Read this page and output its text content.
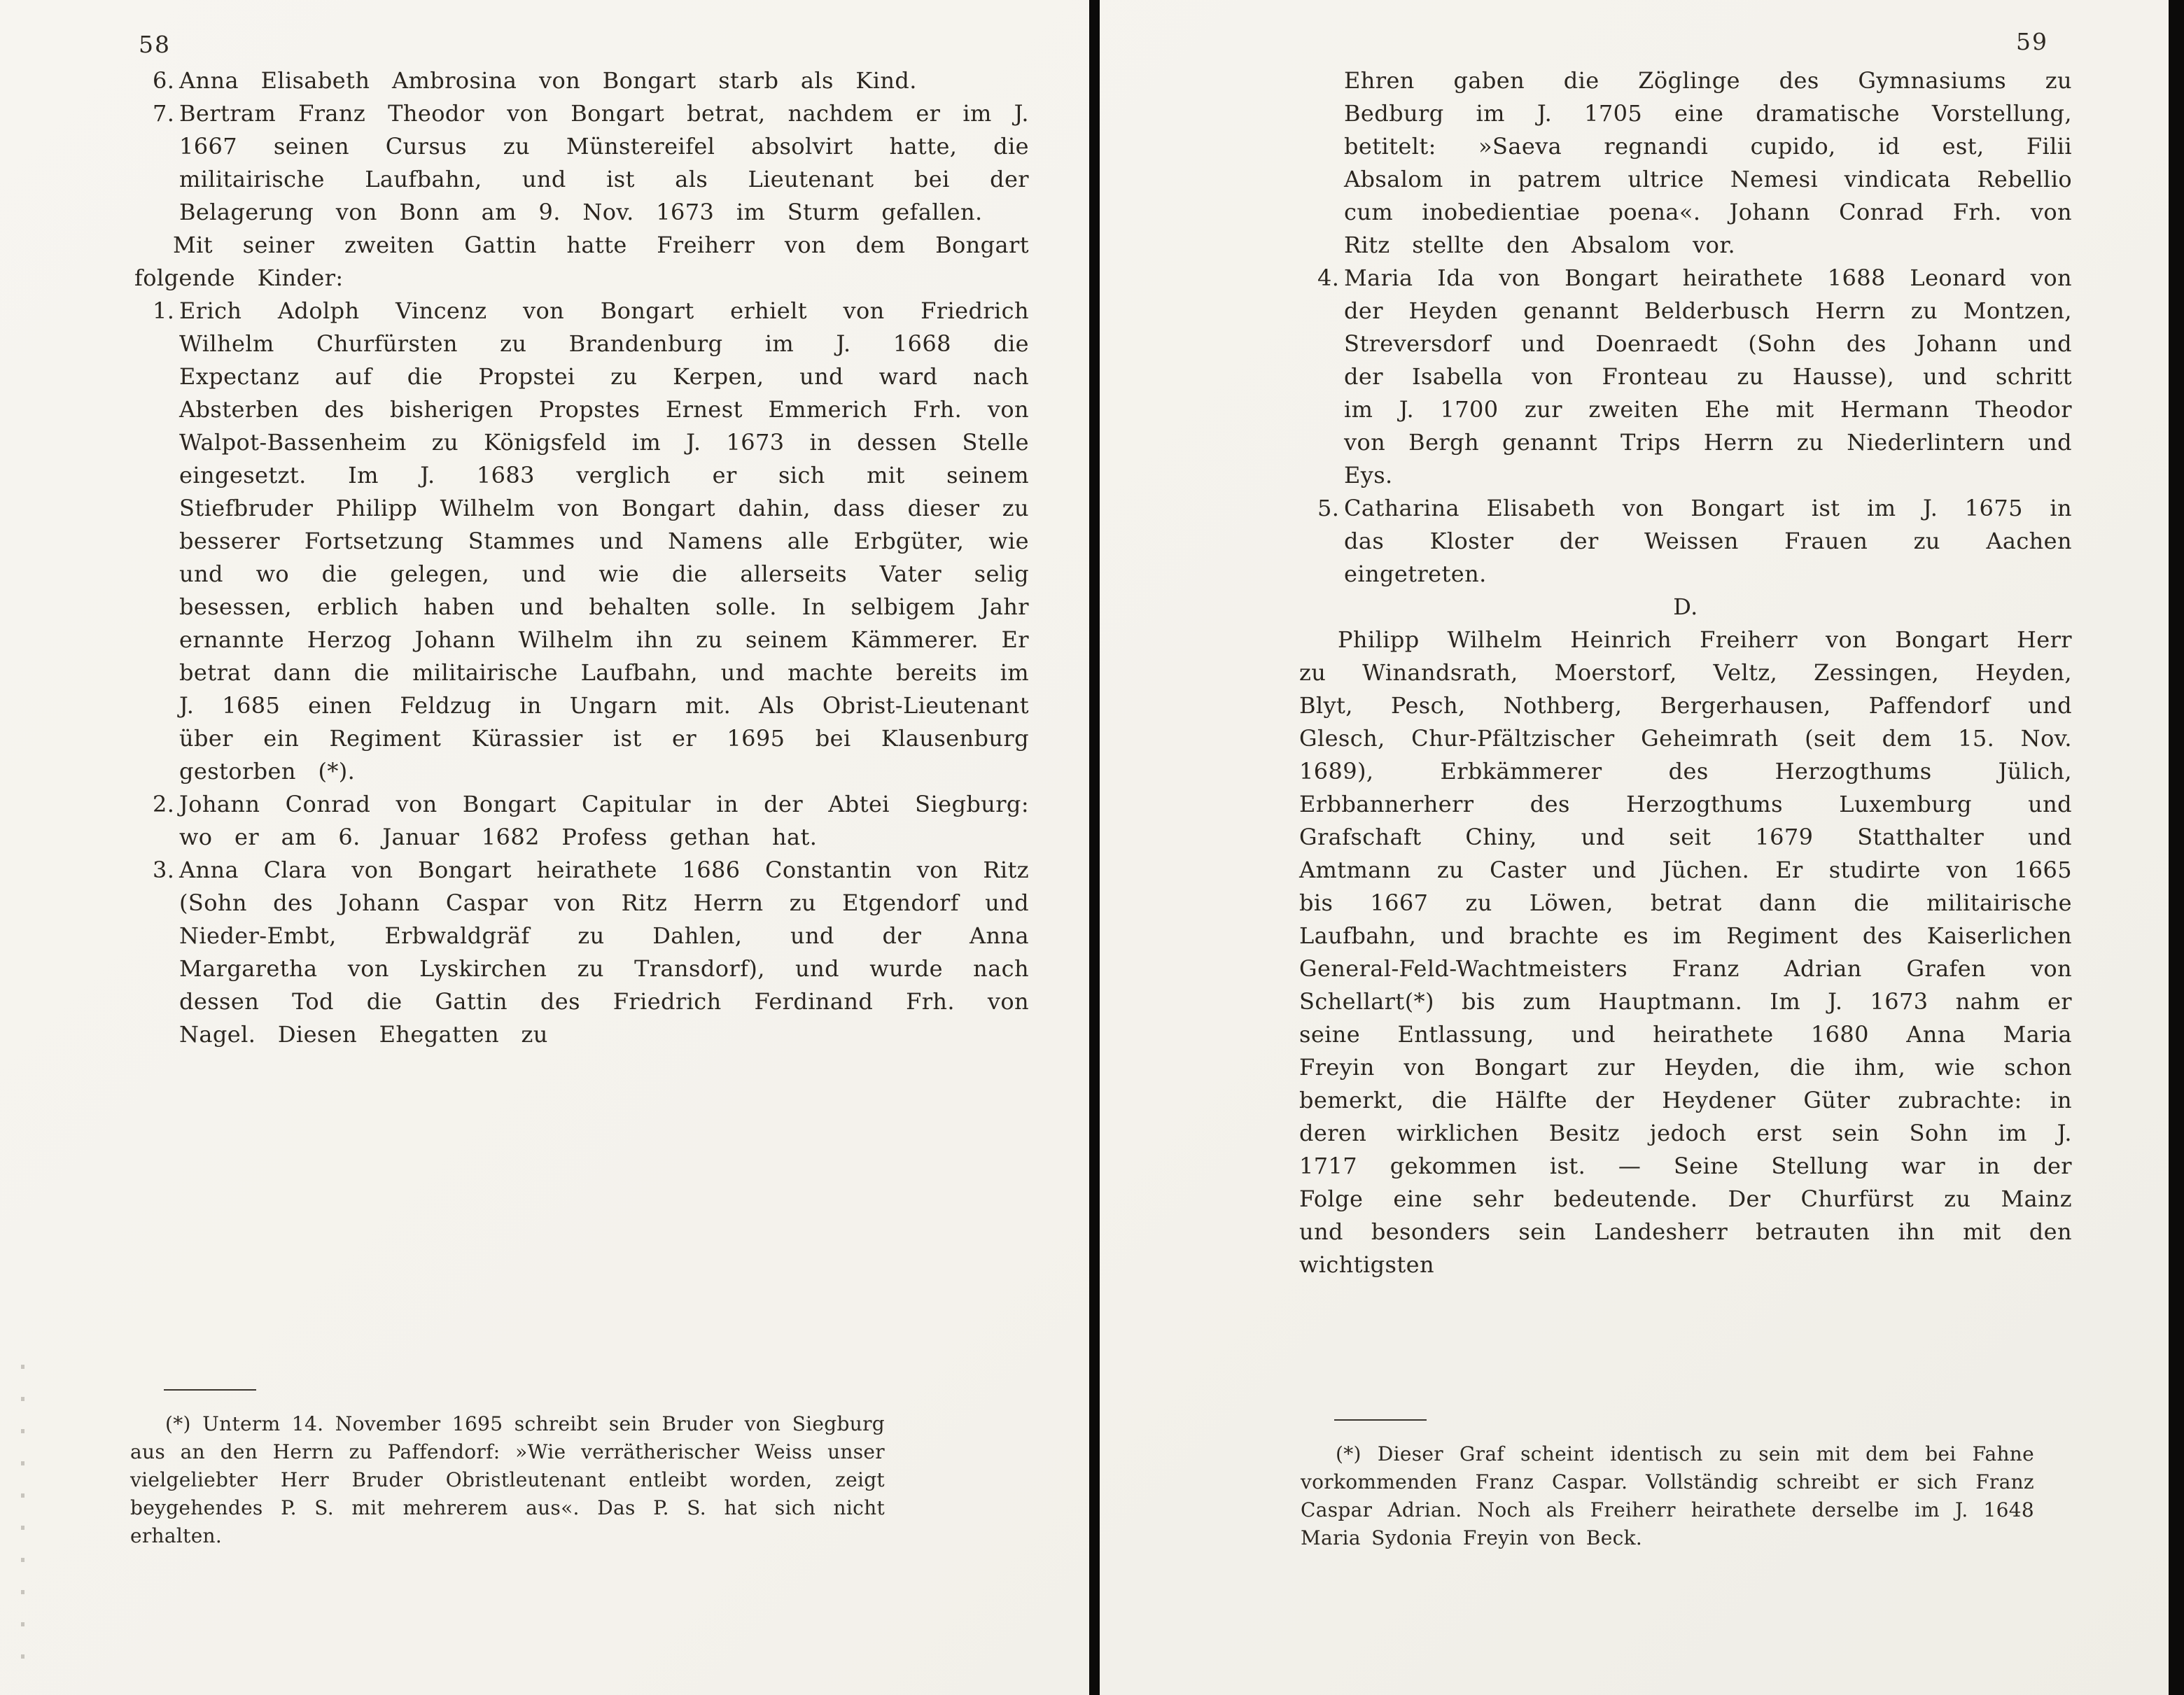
58
6. Anna Elisabeth Ambrosina von Bongart starb als Kind.
7. Bertram Franz Theodor von Bongart betrat, nachdem er im J. 1667 seinen Cursus zu Münstereifel absolvirt hatte, die militairische Laufbahn, und ist als Lieutenant bei der Belagerung von Bonn am 9. Nov. 1673 im Sturm gefallen.
Mit seiner zweiten Gattin hatte Freiherr von dem Bongart folgende Kinder:
1. Erich Adolph Vincenz von Bongart erhielt von Friedrich Wilhelm Churfürsten zu Brandenburg im J. 1668 die Expectanz auf die Propstei zu Kerpen, und ward nach Absterben des bisherigen Propstes Ernest Emmerich Frh. von Walpot-Bassenheim zu Königsfeld im J. 1673 in dessen Stelle eingesetzt. Im J. 1683 verglich er sich mit seinem Stiefbruder Philipp Wilhelm von Bongart dahin, dass dieser zu besserer Fortsetzung Stammes und Namens alle Erbgüter, wie und wo die gelegen, und wie die allerseits Vater selig besessen, erblich haben und behalten solle. In selbigem Jahr ernannte Herzog Johann Wilhelm ihn zu seinem Kämmerer. Er betrat dann die militairische Laufbahn, und machte bereits im J. 1685 einen Feldzug in Ungarn mit. Als Obrist-Lieutenant über ein Regiment Kürassier ist er 1695 bei Klausenburg gestorben (*).
2. Johann Conrad von Bongart Capitular in der Abtei Siegburg: wo er am 6. Januar 1682 Profess gethan hat.
3. Anna Clara von Bongart heirathete 1686 Constantin von Ritz (Sohn des Johann Caspar von Ritz Herrn zu Etgendorf und Nieder-Embt, Erbwaldgräf zu Dahlen, und der Anna Margaretha von Lyskirchen zu Transdorf), und wurde nach dessen Tod die Gattin des Friedrich Ferdinand Frh. von Nagel. Diesen Ehegatten zu
(*) Unterm 14. November 1695 schreibt sein Bruder von Siegburg aus an den Herrn zu Paffendorf: »Wie verrätherischer Weiss unser vielgeliebter Herr Bruder Obristleutenant entleibt worden, zeigt beygehendes P. S. mit mehrerem aus«. Das P. S. hat sich nicht erhalten.
59
Ehren gaben die Zöglinge des Gymnasiums zu Bedburg im J. 1705 eine dramatische Vorstellung, betitelt: »Saeva regnandi cupido, id est, Filii Absalom in patrem ultrice Nemesi vindicata Rebellio cum inobedientiae poena«. Johann Conrad Frh. von Ritz stellte den Absalom vor.
4. Maria Ida von Bongart heirathete 1688 Leonard von der Heyden genannt Belderbusch Herrn zu Montzen, Streversdorf und Doenraedt (Sohn des Johann und der Isabella von Fronteau zu Hausse), und schritt im J. 1700 zur zweiten Ehe mit Hermann Theodor von Bergh genannt Trips Herrn zu Niederlintern und Eys.
5. Catharina Elisabeth von Bongart ist im J. 1675 in das Kloster der Weissen Frauen zu Aachen eingetreten.
D.
Philipp Wilhelm Heinrich Freiherr von Bongart Herr zu Winandsrath, Moerstorf, Veltz, Zessingen, Heyden, Blyt, Pesch, Nothberg, Bergerhausen, Paffendorf und Glesch, Chur-Pfältzischer Geheimrath (seit dem 15. Nov. 1689), Erbkämmerer des Herzogthums Jülich, Erbbannerherr des Herzogthums Luxemburg und Grafschaft Chiny, und seit 1679 Statthalter und Amtmann zu Caster und Jüchen. Er studirte von 1665 bis 1667 zu Löwen, betrat dann die militairische Laufbahn, und brachte es im Regiment des Kaiserlichen General-Feld-Wachtmeisters Franz Adrian Grafen von Schellart(*) bis zum Hauptmann. Im J. 1673 nahm er seine Entlassung, und heirathete 1680 Anna Maria Freyin von Bongart zur Heyden, die ihm, wie schon bemerkt, die Hälfte der Heydener Güter zubrachte: in deren wirklichen Besitz jedoch erst sein Sohn im J. 1717 gekommen ist. — Seine Stellung war in der Folge eine sehr bedeutende. Der Churfürst zu Mainz und besonders sein Landesherr betrauten ihn mit den wichtigsten
(*) Dieser Graf scheint identisch zu sein mit dem bei Fahne vorkommenden Franz Caspar. Vollständig schreibt er sich Franz Caspar Adrian. Noch als Freiherr heirathete derselbe im J. 1648 Maria Sydonia Freyin von Beck.
